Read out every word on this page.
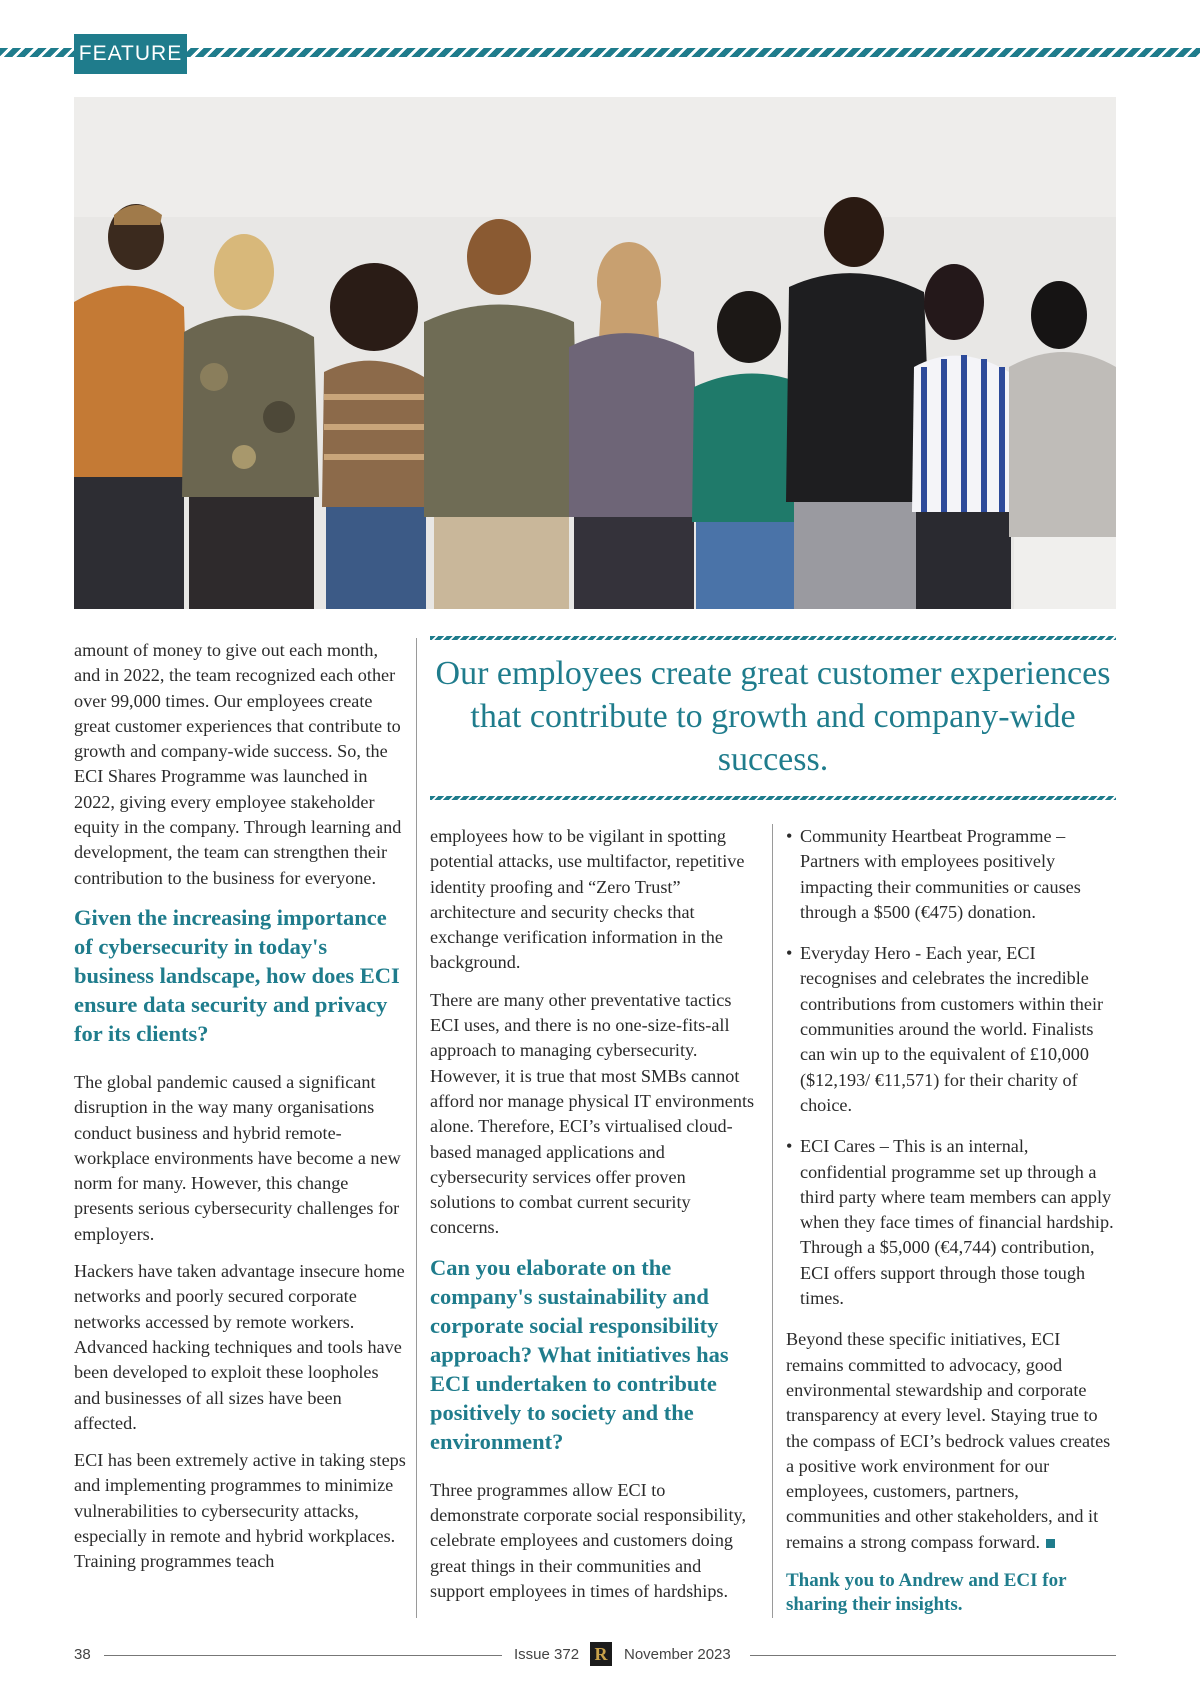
FEATURE

amount of money to give out each month, and in 2022, the team recognized each other over 99,000 times. Our employees create great customer experiences that contribute to growth and company-wide success. So, the ECI Shares Programme was launched in 2022, giving every employee stakeholder equity in the company. Through learning and development, the team can strengthen their contribution to the business for everyone.

Given the increasing importance of cybersecurity in today's business landscape, how does ECI ensure data security and privacy for its clients?

The global pandemic caused a significant disruption in the way many organisations conduct business and hybrid remote-workplace environments have become a new norm for many. However, this change presents serious cybersecurity challenges for employers.

Hackers have taken advantage insecure home networks and poorly secured corporate networks accessed by remote workers. Advanced hacking techniques and tools have been developed to exploit these loopholes and businesses of all sizes have been affected.

ECI has been extremely active in taking steps and implementing programmes to minimize vulnerabilities to cybersecurity attacks, especially in remote and hybrid workplaces. Training programmes teach

Our employees create great customer experiences that contribute to growth and company-wide success.

employees how to be vigilant in spotting potential attacks, use multifactor, repetitive identity proofing and “Zero Trust” architecture and security checks that exchange verification information in the background.

There are many other preventative tactics ECI uses, and there is no one-size-fits-all approach to managing cybersecurity. However, it is true that most SMBs cannot afford nor manage physical IT environments alone. Therefore, ECI’s virtualised cloud-based managed applications and cybersecurity services offer proven solutions to combat current security concerns.

Can you elaborate on the company's sustainability and corporate social responsibility approach? What initiatives has ECI undertaken to contribute positively to society and the environment?

Three programmes allow ECI to demonstrate corporate social responsibility, celebrate employees and customers doing great things in their communities and support employees in times of hardships.

• Community Heartbeat Programme – Partners with employees positively impacting their communities or causes through a $500 (€475) donation.
• Everyday Hero - Each year, ECI recognises and celebrates the incredible contributions from customers within their communities around the world. Finalists can win up to the equivalent of £10,000 ($12,193/ €11,571) for their charity of choice.
• ECI Cares – This is an internal, confidential programme set up through a third party where team members can apply when they face times of financial hardship. Through a $5,000 (€4,744) contribution, ECI offers support through those tough times.

Beyond these specific initiatives, ECI remains committed to advocacy, good environmental stewardship and corporate transparency at every level. Staying true to the compass of ECI’s bedrock values creates a positive work environment for our employees, customers, partners, communities and other stakeholders, and it remains a strong compass forward.

Thank you to Andrew and ECI for sharing their insights.
38	Issue 372 R	November 2023
